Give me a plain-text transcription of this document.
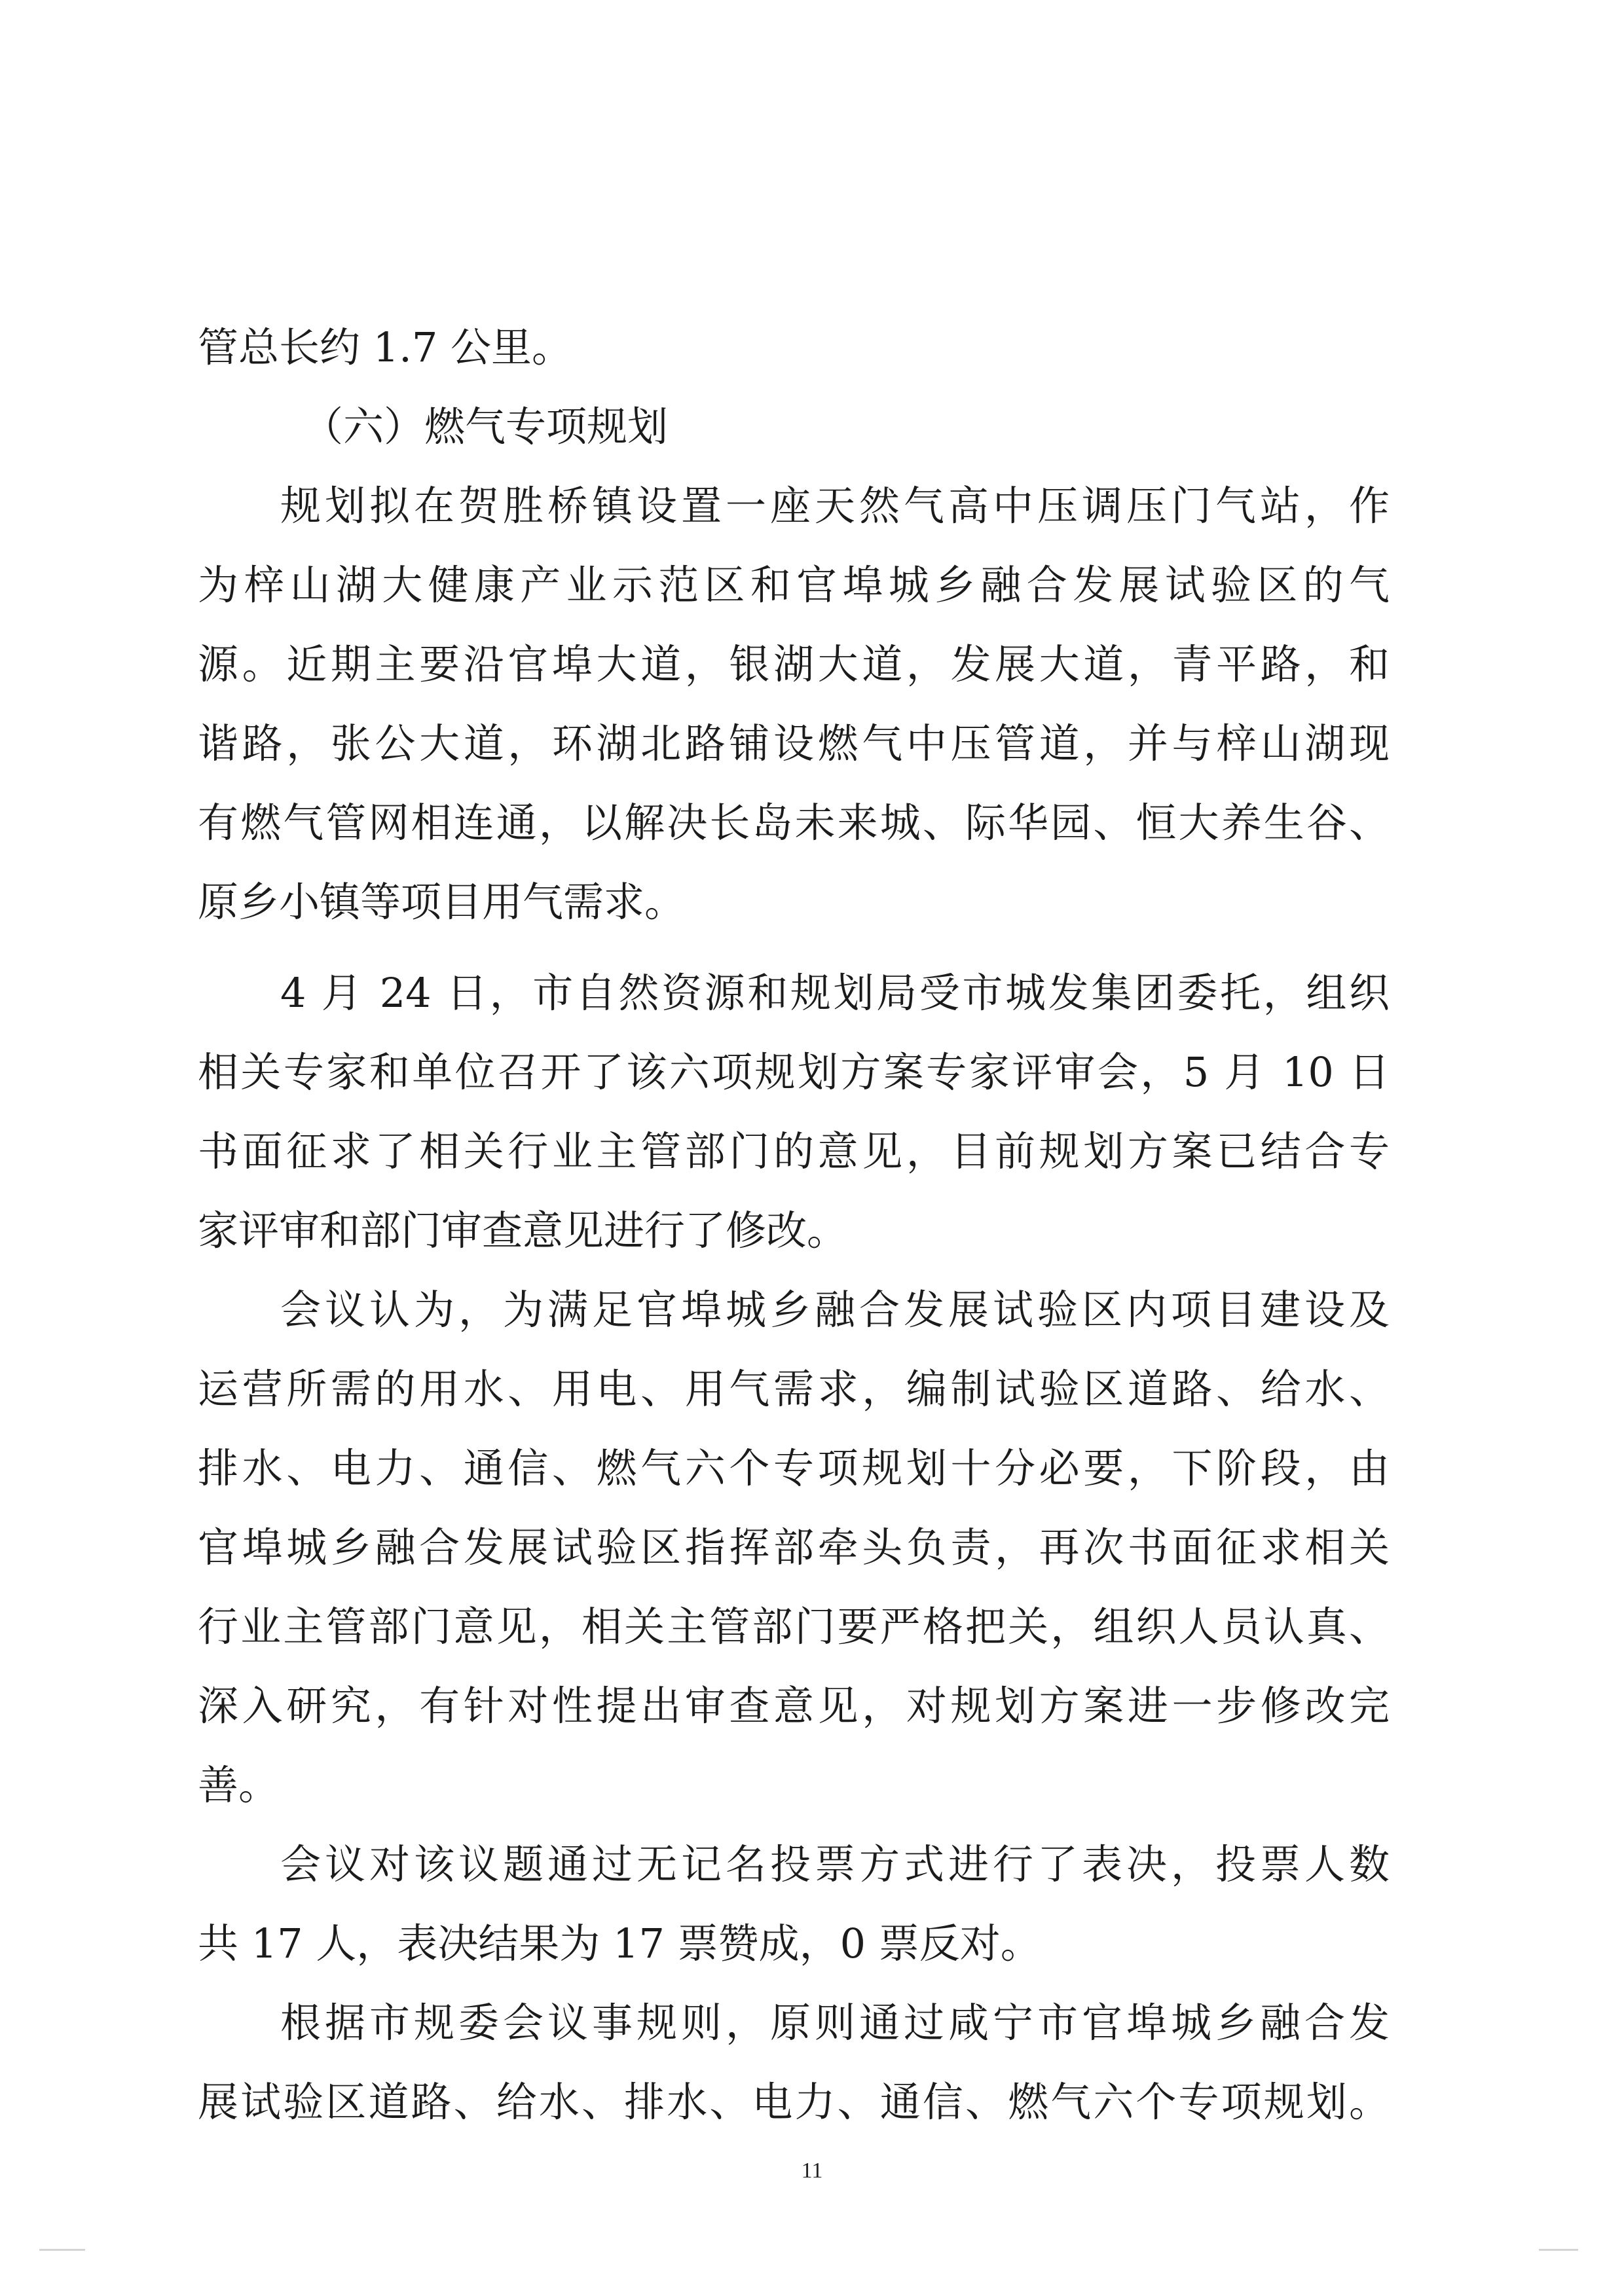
管总长约 1.7 公里。
（六）燃气专项规划
规划拟在贺胜桥镇设置一座天然气高中压调压门气站，作
为梓山湖大健康产业示范区和官埠城乡融合发展试验区的气
源。近期主要沿官埠大道，银湖大道，发展大道，青平路，和
谐路，张公大道，环湖北路铺设燃气中压管道，并与梓山湖现
有燃气管网相连通，以解决长岛未来城、际华园、恒大养生谷、
原乡小镇等项目用气需求。
4 月 24 日，市自然资源和规划局受市城发集团委托，组织
相关专家和单位召开了该六项规划方案专家评审会，5 月 10 日
书面征求了相关行业主管部门的意见，目前规划方案已结合专
家评审和部门审查意见进行了修改。
会议认为，为满足官埠城乡融合发展试验区内项目建设及
运营所需的用水、用电、用气需求，编制试验区道路、给水、
排水、电力、通信、燃气六个专项规划十分必要，下阶段，由
官埠城乡融合发展试验区指挥部牵头负责，再次书面征求相关
行业主管部门意见，相关主管部门要严格把关，组织人员认真、
深入研究，有针对性提出审查意见，对规划方案进一步修改完
善。
会议对该议题通过无记名投票方式进行了表决，投票人数
共 17 人，表决结果为 17 票赞成，0 票反对。
根据市规委会议事规则，原则通过咸宁市官埠城乡融合发
展试验区道路、给水、排水、电力、通信、燃气六个专项规划。
11
